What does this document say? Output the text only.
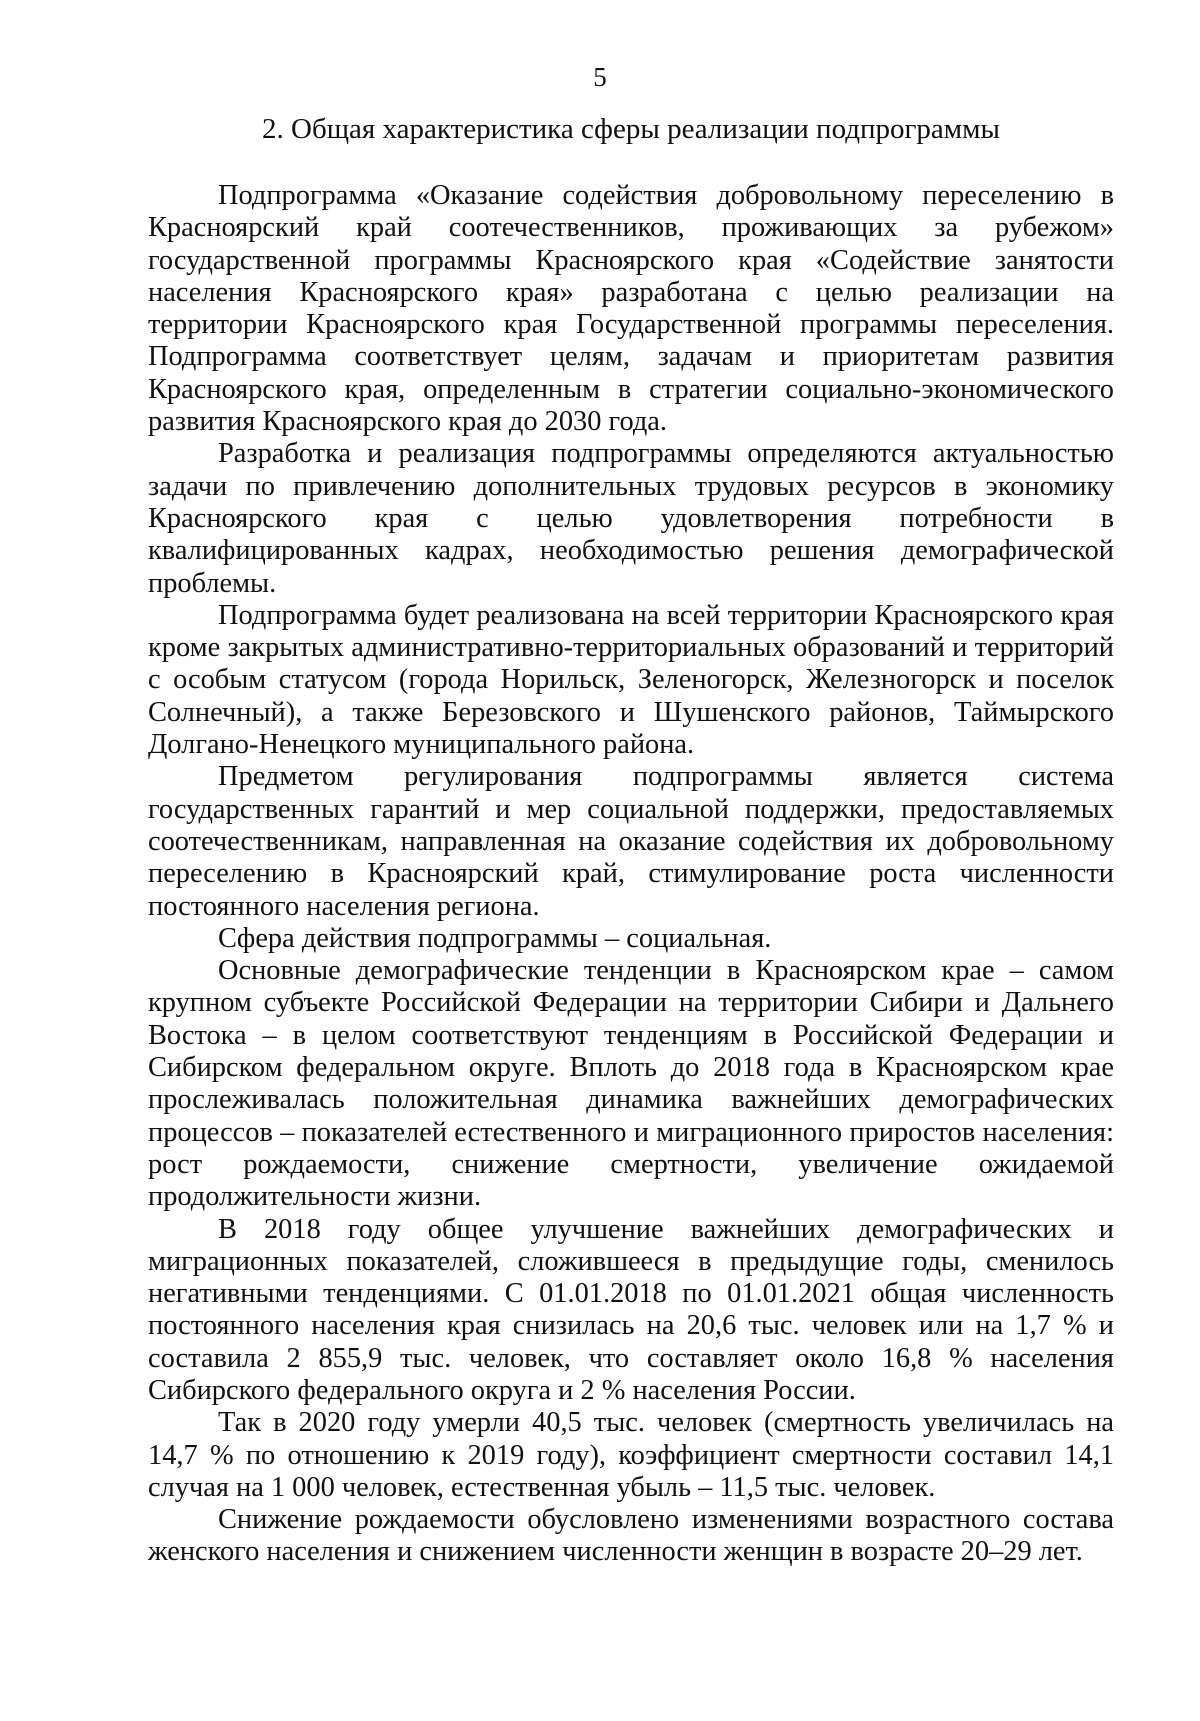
5
2. Общая характеристика сферы реализации подпрограммы

Подпрограмма «Оказание содействия добровольному переселению в Красноярский край соотечественников, проживающих за рубежом» государственной программы Красноярского края «Содействие занятости населения Красноярского края» разработана с целью реализации на территории Красноярского края Государственной программы переселения. Подпрограмма соответствует целям, задачам и приоритетам развития Красноярского края, определенным в стратегии социально-экономического развития Красноярского края до 2030 года.

Разработка и реализация подпрограммы определяются актуальностью задачи по привлечению дополнительных трудовых ресурсов в экономику Красноярского края с целью удовлетворения потребности в квалифицированных кадрах, необходимостью решения демографической проблемы.

Подпрограмма будет реализована на всей территории Красноярского края кроме закрытых административно-территориальных образований и территорий с особым статусом (города Норильск, Зеленогорск, Железногорск и поселок Солнечный), а также Березовского и Шушенского районов, Таймырского Долгано-Ненецкого муниципального района.

Предметом регулирования подпрограммы является система государственных гарантий и мер социальной поддержки, предоставляемых соотечественникам, направленная на оказание содействия их добровольному переселению в Красноярский край, стимулирование роста численности постоянного населения региона.

Сфера действия подпрограммы – социальная.

Основные демографические тенденции в Красноярском крае – самом крупном субъекте Российской Федерации на территории Сибири и Дальнего Востока – в целом соответствуют тенденциям в Российской Федерации и Сибирском федеральном округе. Вплоть до 2018 года в Красноярском крае прослеживалась положительная динамика важнейших демографических процессов – показателей естественного и миграционного приростов населения: рост рождаемости, снижение смертности, увеличение ожидаемой продолжительности жизни.

В 2018 году общее улучшение важнейших демографических и миграционных показателей, сложившееся в предыдущие годы, сменилось негативными тенденциями. С 01.01.2018 по 01.01.2021 общая численность постоянного населения края снизилась на 20,6 тыс. человек или на 1,7 % и составила 2 855,9 тыс. человек, что составляет около 16,8 % населения Сибирского федерального округа и 2 % населения России.

Так в 2020 году умерли 40,5 тыс. человек (смертность увеличилась на 14,7 % по отношению к 2019 году), коэффициент смертности составил 14,1 случая на 1 000 человек, естественная убыль – 11,5 тыс. человек.

Снижение рождаемости обусловлено изменениями возрастного состава женского населения и снижением численности женщин в возрасте 20–29 лет.
